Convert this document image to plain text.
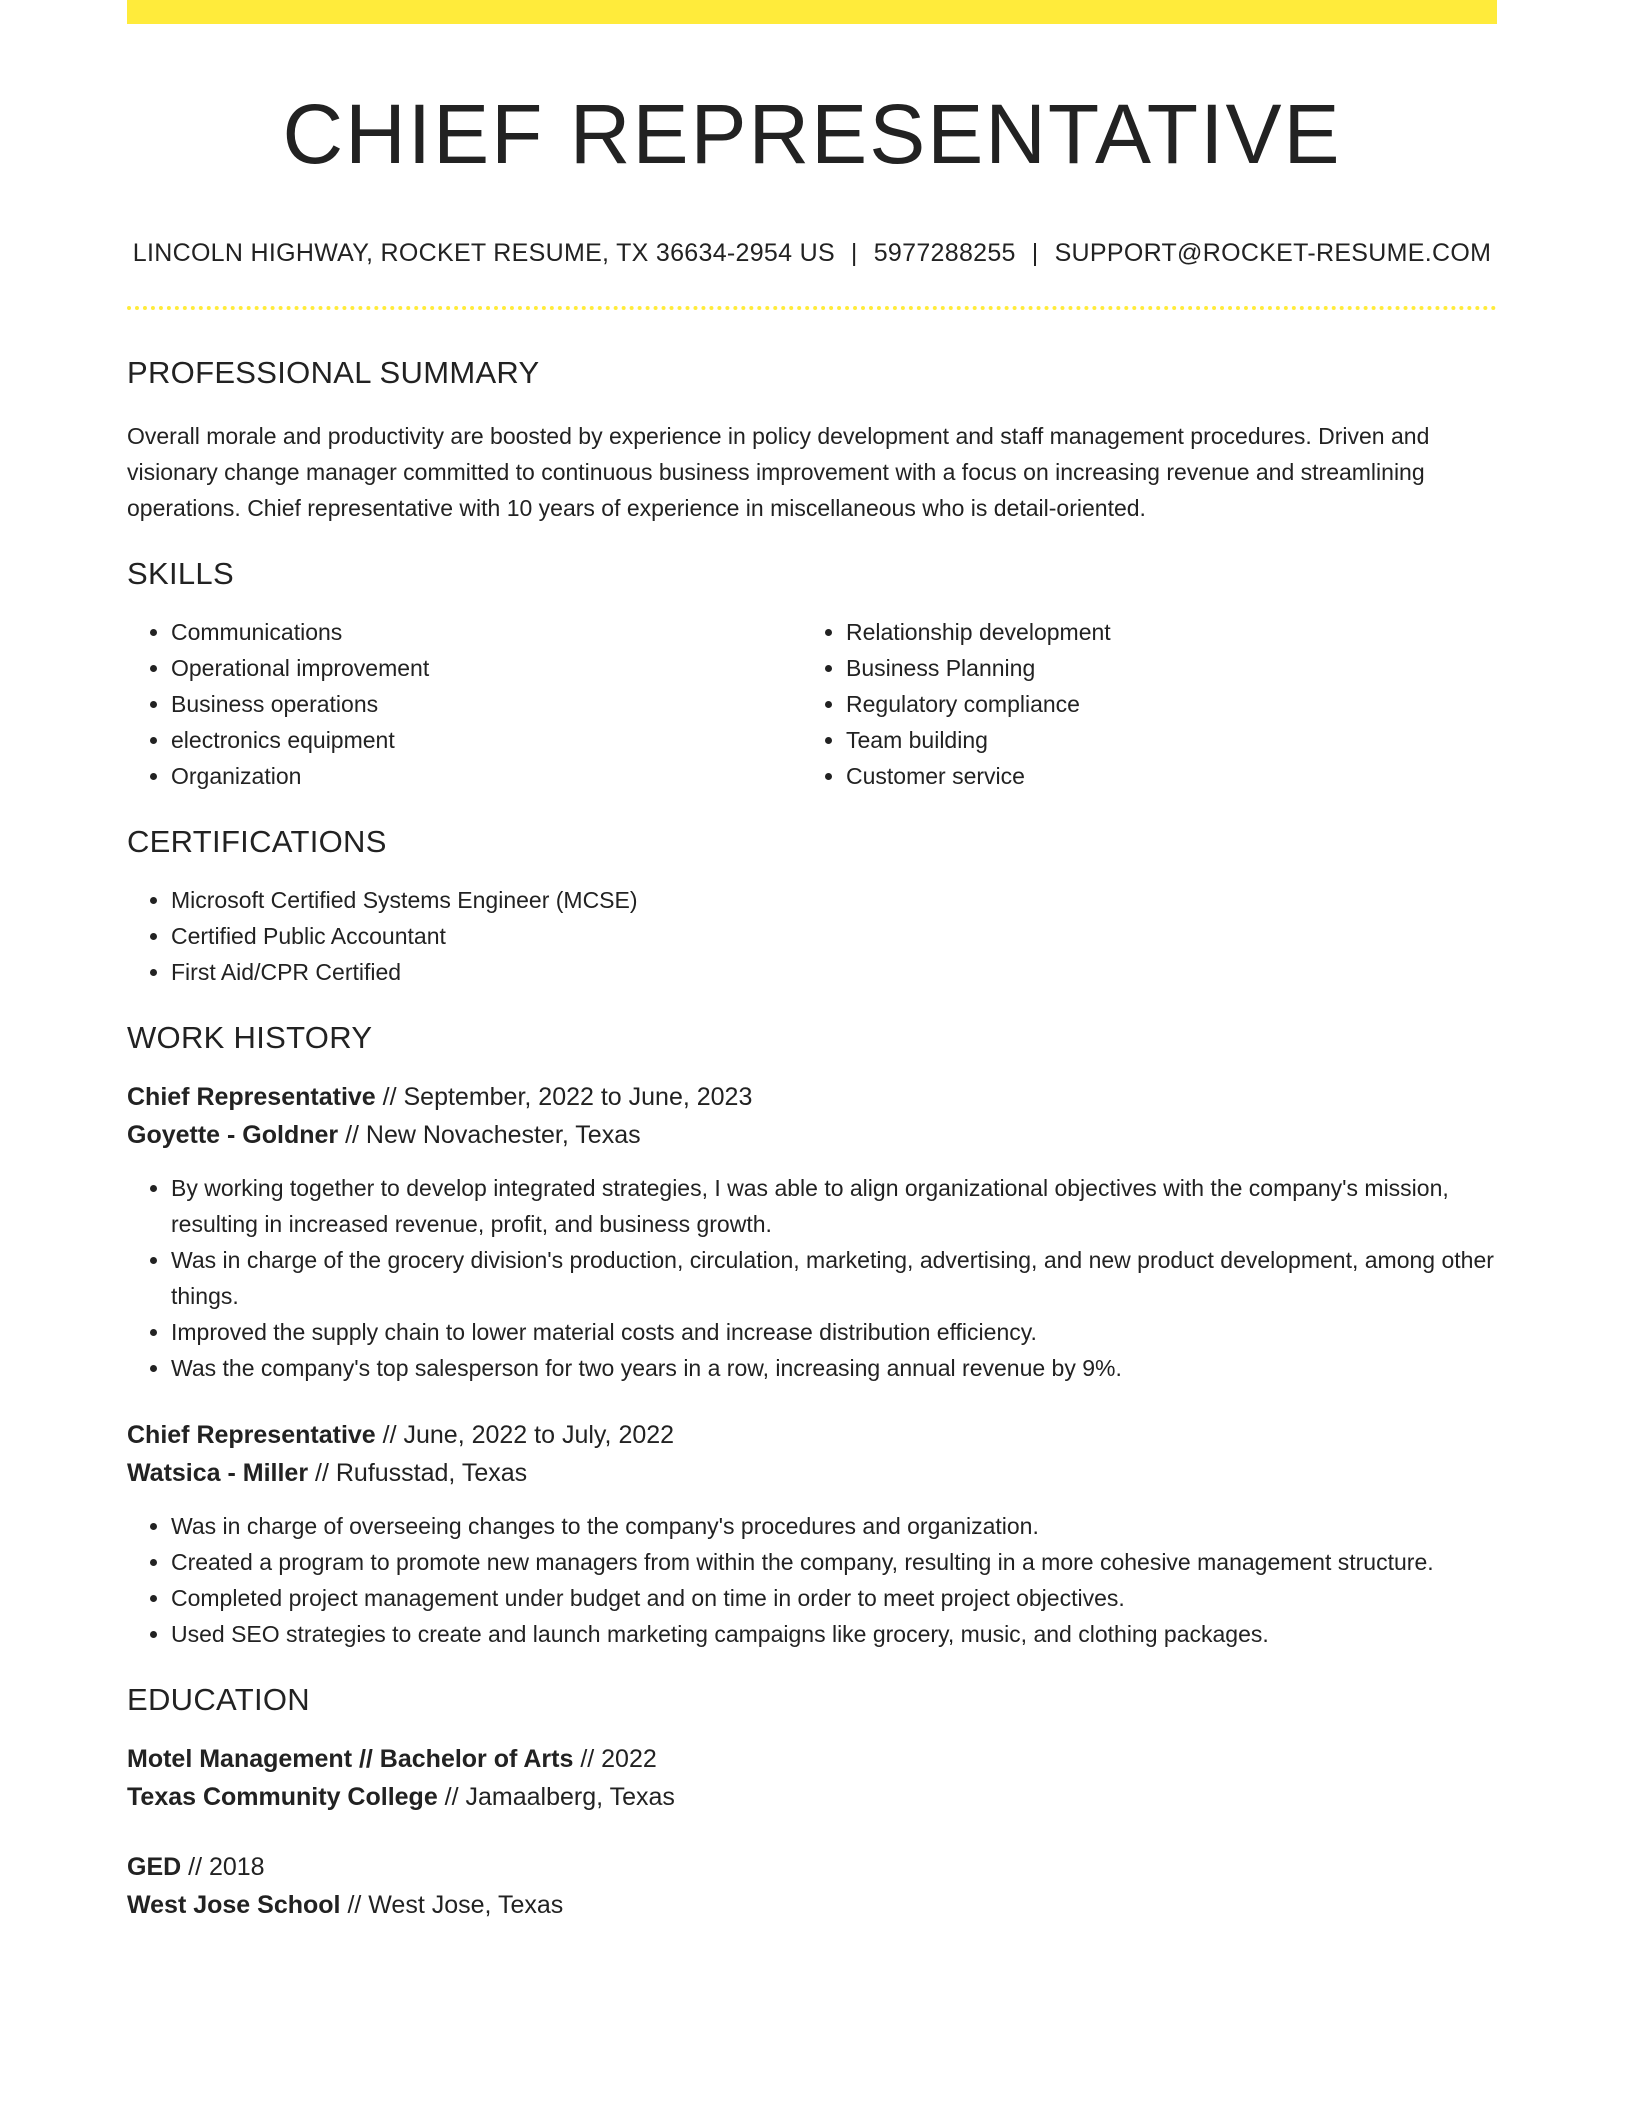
CHIEF REPRESENTATIVE
LINCOLN HIGHWAY, ROCKET RESUME, TX 36634-2954 US | 5977288255 | SUPPORT@ROCKET-RESUME.COM
PROFESSIONAL SUMMARY
Overall morale and productivity are boosted by experience in policy development and staff management procedures. Driven and visionary change manager committed to continuous business improvement with a focus on increasing revenue and streamlining operations. Chief representative with 10 years of experience in miscellaneous who is detail-oriented.
SKILLS
• Communications
• Operational improvement
• Business operations
• electronics equipment
• Organization
• Relationship development
• Business Planning
• Regulatory compliance
• Team building
• Customer service
CERTIFICATIONS
• Microsoft Certified Systems Engineer (MCSE)
• Certified Public Accountant
• First Aid/CPR Certified
WORK HISTORY
Chief Representative // September, 2022 to June, 2023
Goyette - Goldner // New Novachester, Texas
• By working together to develop integrated strategies, I was able to align organizational objectives with the company's mission, resulting in increased revenue, profit, and business growth.
• Was in charge of the grocery division's production, circulation, marketing, advertising, and new product development, among other things.
• Improved the supply chain to lower material costs and increase distribution efficiency.
• Was the company's top salesperson for two years in a row, increasing annual revenue by 9%.
Chief Representative // June, 2022 to July, 2022
Watsica - Miller // Rufusstad, Texas
• Was in charge of overseeing changes to the company's procedures and organization.
• Created a program to promote new managers from within the company, resulting in a more cohesive management structure.
• Completed project management under budget and on time in order to meet project objectives.
• Used SEO strategies to create and launch marketing campaigns like grocery, music, and clothing packages.
EDUCATION
Motel Management // Bachelor of Arts // 2022
Texas Community College // Jamaalberg, Texas
GED // 2018
West Jose School // West Jose, Texas
